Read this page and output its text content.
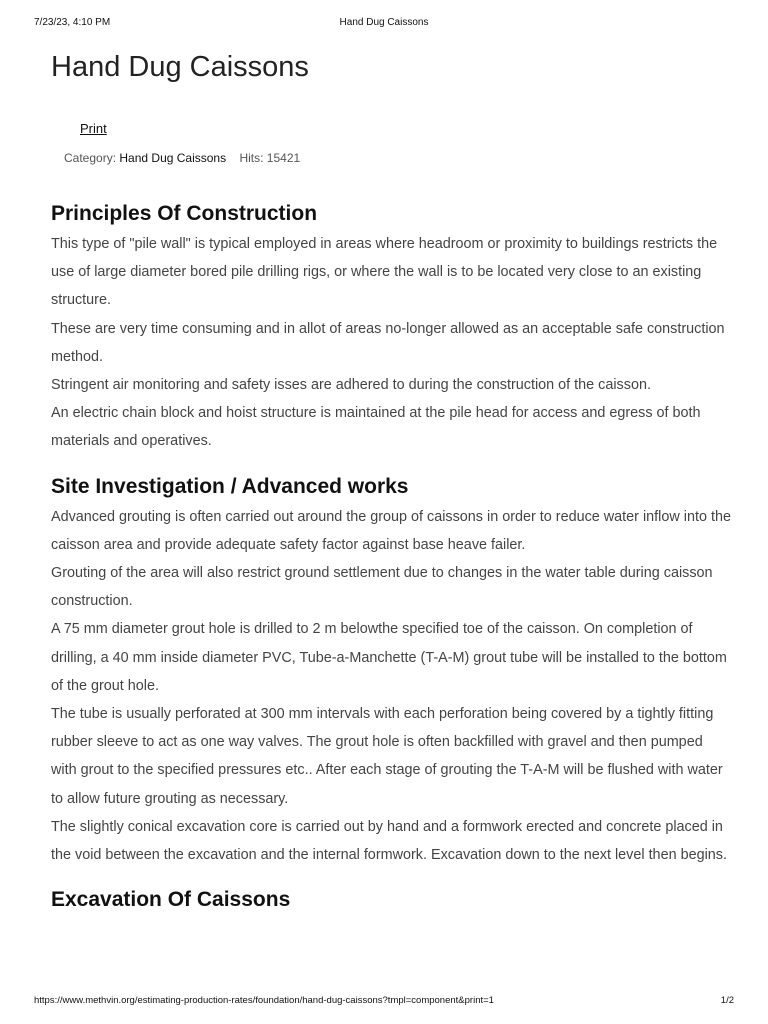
7/23/23, 4:10 PM	Hand Dug Caissons
Hand Dug Caissons
Print
Category: Hand Dug Caissons Hits: 15421
Principles Of Construction

This type of "pile wall" is typical employed in areas where headroom or proximity to buildings restricts the use of large diameter bored pile drilling rigs, or where the wall is to be located very close to an existing structure.

These are very time consuming and in allot of areas no-longer allowed as an acceptable safe construction method.

Stringent air monitoring and safety isses are adhered to during the construction of the caisson.

An electric chain block and hoist structure is maintained at the pile head for access and egress of both materials and operatives.

Site Investigation / Advanced works

Advanced grouting is often carried out around the group of caissons in order to reduce water inflow into the caisson area and provide adequate safety factor against base heave failer.

Grouting of the area will also restrict ground settlement due to changes in the water table during caisson construction.

A 75 mm diameter grout hole is drilled to 2 m belowthe specified toe of the caisson. On completion of drilling, a 40 mm inside diameter PVC, Tube-a-Manchette (T-A-M) grout tube will be installed to the bottom of the grout hole.

The tube is usually perforated at 300 mm intervals with each perforation being covered by a tightly fitting rubber sleeve to act as one way valves. The grout hole is often backfilled with gravel and then pumped with grout to the specified pressures etc.. After each stage of grouting the T-A-M will be flushed with water to allow future grouting as necessary.

The slightly conical excavation core is carried out by hand and a formwork erected and concrete placed in the void between the excavation and the internal formwork. Excavation down to the next level then begins.

Excavation Of Caissons
https://www.methvin.org/estimating-production-rates/foundation/hand-dug-caissons?tmpl=component&print=1	1/2
